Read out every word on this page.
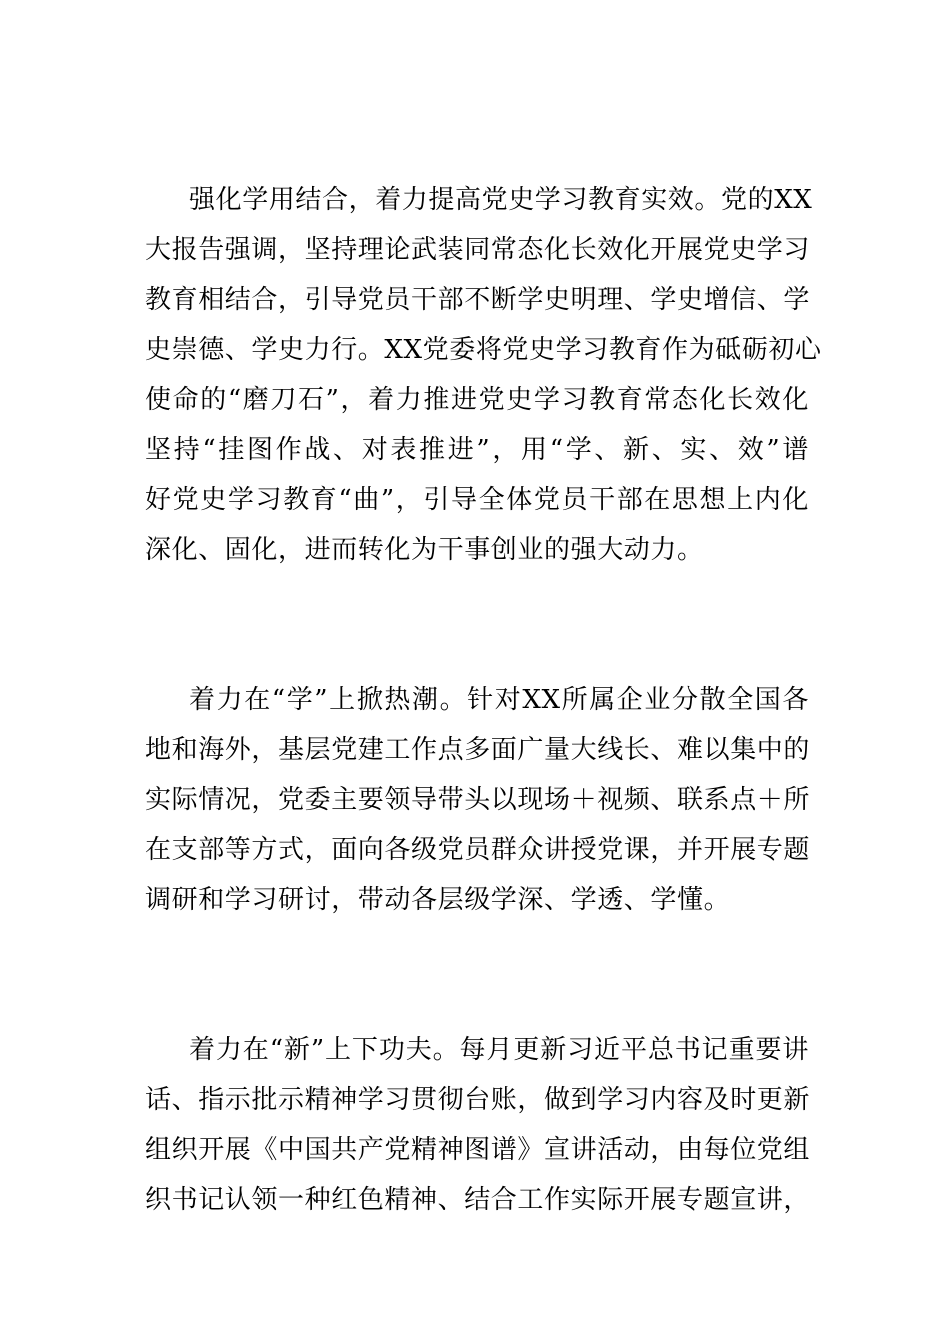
强化学用结合，着力提高党史学习教育实效。党的XX
大报告强调，坚持理论武装同常态化长效化开展党史学习
教育相结合，引导党员干部不断学史明理、学史增信、学
史崇德、学史力行。XX党委将党史学习教育作为砥砺初心
使命的“磨刀石”，着力推进党史学习教育常态化长效化
坚持“挂图作战、对表推进”，用“学、新、实、效”谱
好党史学习教育“曲”，引导全体党员干部在思想上内化
深化、固化，进而转化为干事创业的强大动力。
着力在“学”上掀热潮。针对XX所属企业分散全国各
地和海外，基层党建工作点多面广量大线长、难以集中的
实际情况，党委主要领导带头以现场＋视频、联系点＋所
在支部等方式，面向各级党员群众讲授党课，并开展专题
调研和学习研讨，带动各层级学深、学透、学懂。
着力在“新”上下功夫。每月更新习近平总书记重要讲
话、指示批示精神学习贯彻台账，做到学习内容及时更新
组织开展《中国共产党精神图谱》宣讲活动，由每位党组
织书记认领一种红色精神、结合工作实际开展专题宣讲，
